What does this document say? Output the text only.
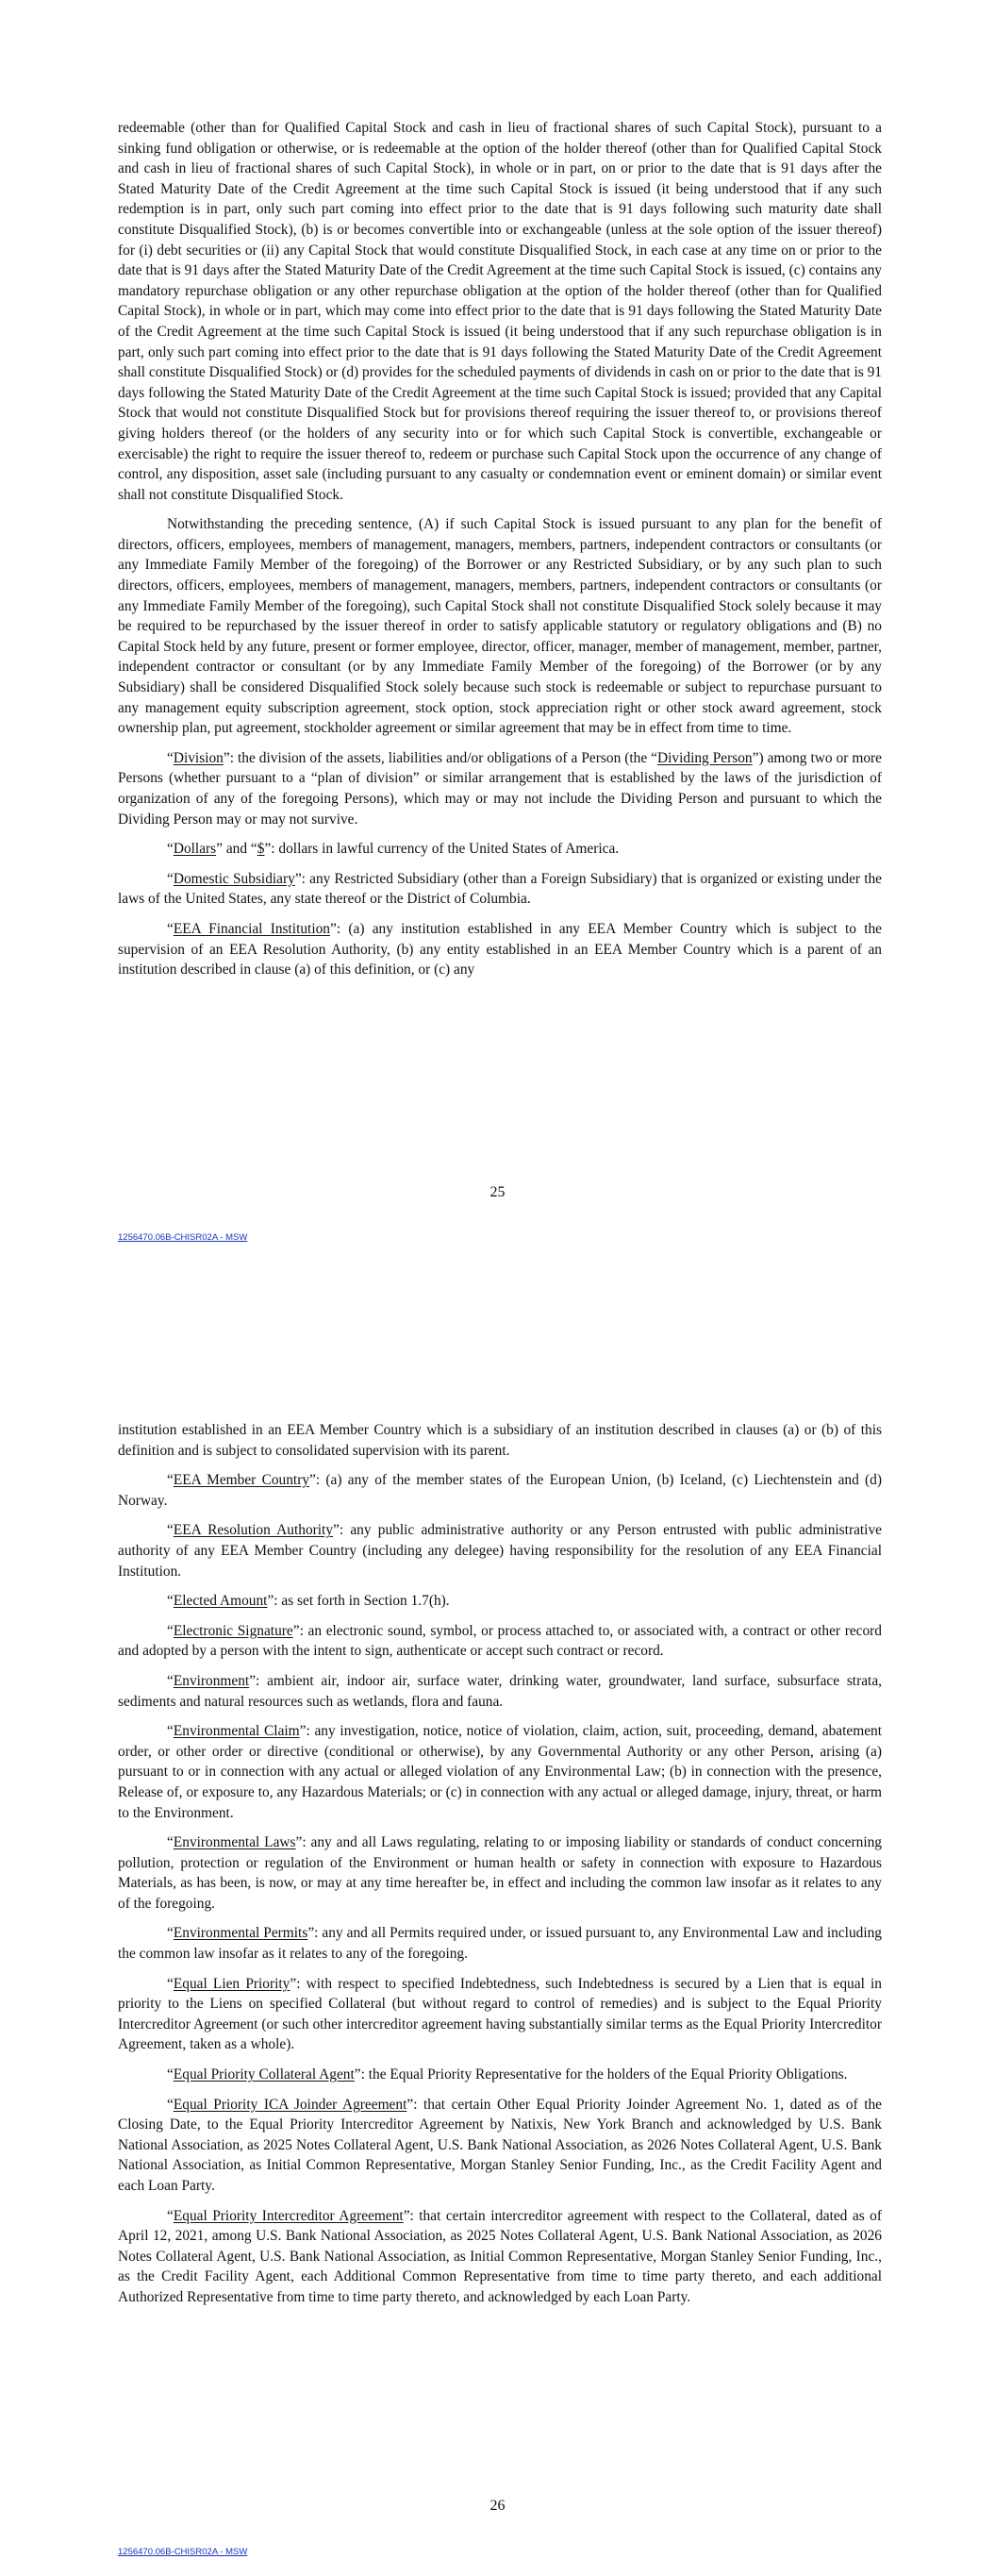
redeemable (other than for Qualified Capital Stock and cash in lieu of fractional shares of such Capital Stock), pursuant to a sinking fund obligation or otherwise, or is redeemable at the option of the holder thereof (other than for Qualified Capital Stock and cash in lieu of fractional shares of such Capital Stock), in whole or in part, on or prior to the date that is 91 days after the Stated Maturity Date of the Credit Agreement at the time such Capital Stock is issued (it being understood that if any such redemption is in part, only such part coming into effect prior to the date that is 91 days following such maturity date shall constitute Disqualified Stock), (b) is or becomes convertible into or exchangeable (unless at the sole option of the issuer thereof) for (i) debt securities or (ii) any Capital Stock that would constitute Disqualified Stock, in each case at any time on or prior to the date that is 91 days after the Stated Maturity Date of the Credit Agreement at the time such Capital Stock is issued, (c) contains any mandatory repurchase obligation or any other repurchase obligation at the option of the holder thereof (other than for Qualified Capital Stock), in whole or in part, which may come into effect prior to the date that is 91 days following the Stated Maturity Date of the Credit Agreement at the time such Capital Stock is issued (it being understood that if any such repurchase obligation is in part, only such part coming into effect prior to the date that is 91 days following the Stated Maturity Date of the Credit Agreement shall constitute Disqualified Stock) or (d) provides for the scheduled payments of dividends in cash on or prior to the date that is 91 days following the Stated Maturity Date of the Credit Agreement at the time such Capital Stock is issued; provided that any Capital Stock that would not constitute Disqualified Stock but for provisions thereof requiring the issuer thereof to, or provisions thereof giving holders thereof (or the holders of any security into or for which such Capital Stock is convertible, exchangeable or exercisable) the right to require the issuer thereof to, redeem or purchase such Capital Stock upon the occurrence of any change of control, any disposition, asset sale (including pursuant to any casualty or condemnation event or eminent domain) or similar event shall not constitute Disqualified Stock.

Notwithstanding the preceding sentence, (A) if such Capital Stock is issued pursuant to any plan for the benefit of directors, officers, employees, members of management, managers, members, partners, independent contractors or consultants (or any Immediate Family Member of the foregoing) of the Borrower or any Restricted Subsidiary, or by any such plan to such directors, officers, employees, members of management, managers, members, partners, independent contractors or consultants (or any Immediate Family Member of the foregoing), such Capital Stock shall not constitute Disqualified Stock solely because it may be required to be repurchased by the issuer thereof in order to satisfy applicable statutory or regulatory obligations and (B) no Capital Stock held by any future, present or former employee, director, officer, manager, member of management, member, partner, independent contractor or consultant (or by any Immediate Family Member of the foregoing) of the Borrower (or by any Subsidiary) shall be considered Disqualified Stock solely because such stock is redeemable or subject to repurchase pursuant to any management equity subscription agreement, stock option, stock appreciation right or other stock award agreement, stock ownership plan, put agreement, stockholder agreement or similar agreement that may be in effect from time to time.

“Division”: the division of the assets, liabilities and/or obligations of a Person (the “Dividing Person”) among two or more Persons (whether pursuant to a “plan of division” or similar arrangement that is established by the laws of the jurisdiction of organization of any of the foregoing Persons), which may or may not include the Dividing Person and pursuant to which the Dividing Person may or may not survive.

“Dollars” and “$”: dollars in lawful currency of the United States of America.

“Domestic Subsidiary”: any Restricted Subsidiary (other than a Foreign Subsidiary) that is organized or existing under the laws of the United States, any state thereof or the District of Columbia.

“EEA Financial Institution”: (a) any institution established in any EEA Member Country which is subject to the supervision of an EEA Resolution Authority, (b) any entity established in an EEA Member Country which is a parent of an institution described in clause (a) of this definition, or (c) any

25
1256470.06B-CHISR02A - MSW

institution established in an EEA Member Country which is a subsidiary of an institution described in clauses (a) or (b) of this definition and is subject to consolidated supervision with its parent.

“EEA Member Country”: (a) any of the member states of the European Union, (b) Iceland, (c) Liechtenstein and (d) Norway.

“EEA Resolution Authority”: any public administrative authority or any Person entrusted with public administrative authority of any EEA Member Country (including any delegee) having responsibility for the resolution of any EEA Financial Institution.

“Elected Amount”: as set forth in Section 1.7(h).

“Electronic Signature”: an electronic sound, symbol, or process attached to, or associated with, a contract or other record and adopted by a person with the intent to sign, authenticate or accept such contract or record.

“Environment”: ambient air, indoor air, surface water, drinking water, groundwater, land surface, subsurface strata, sediments and natural resources such as wetlands, flora and fauna.

“Environmental Claim”: any investigation, notice, notice of violation, claim, action, suit, proceeding, demand, abatement order, or other order or directive (conditional or otherwise), by any Governmental Authority or any other Person, arising (a) pursuant to or in connection with any actual or alleged violation of any Environmental Law; (b) in connection with the presence, Release of, or exposure to, any Hazardous Materials; or (c) in connection with any actual or alleged damage, injury, threat, or harm to the Environment.

“Environmental Laws”: any and all Laws regulating, relating to or imposing liability or standards of conduct concerning pollution, protection or regulation of the Environment or human health or safety in connection with exposure to Hazardous Materials, as has been, is now, or may at any time hereafter be, in effect and including the common law insofar as it relates to any of the foregoing.

“Environmental Permits”: any and all Permits required under, or issued pursuant to, any Environmental Law and including the common law insofar as it relates to any of the foregoing.

“Equal Lien Priority”: with respect to specified Indebtedness, such Indebtedness is secured by a Lien that is equal in priority to the Liens on specified Collateral (but without regard to control of remedies) and is subject to the Equal Priority Intercreditor Agreement (or such other intercreditor agreement having substantially similar terms as the Equal Priority Intercreditor Agreement, taken as a whole).

“Equal Priority Collateral Agent”: the Equal Priority Representative for the holders of the Equal Priority Obligations.

“Equal Priority ICA Joinder Agreement”: that certain Other Equal Priority Joinder Agreement No. 1, dated as of the Closing Date, to the Equal Priority Intercreditor Agreement by Natixis, New York Branch and acknowledged by U.S. Bank National Association, as 2025 Notes Collateral Agent, U.S. Bank National Association, as 2026 Notes Collateral Agent, U.S. Bank National Association, as Initial Common Representative, Morgan Stanley Senior Funding, Inc., as the Credit Facility Agent and each Loan Party.

“Equal Priority Intercreditor Agreement”: that certain intercreditor agreement with respect to the Collateral, dated as of April 12, 2021, among U.S. Bank National Association, as 2025 Notes Collateral Agent, U.S. Bank National Association, as 2026 Notes Collateral Agent, U.S. Bank National Association, as Initial Common Representative, Morgan Stanley Senior Funding, Inc., as the Credit Facility Agent, each Additional Common Representative from time to time party thereto, and each additional Authorized Representative from time to time party thereto, and acknowledged by each Loan Party.

26
1256470.06B-CHISR02A - MSW
